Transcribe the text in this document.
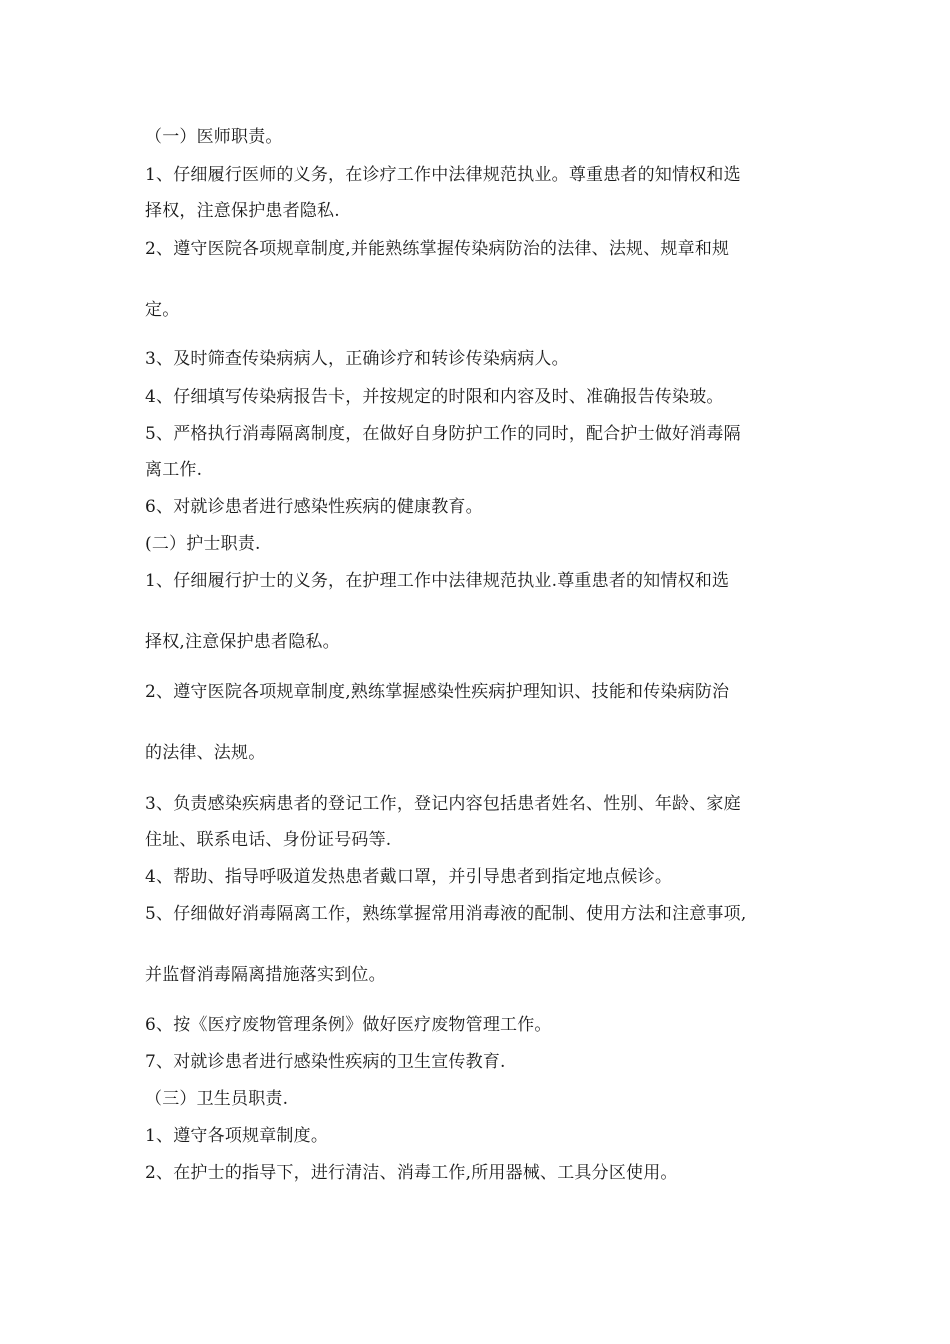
（一）医师职责。
1、仔细履行医师的义务，在诊疗工作中法律规范执业。尊重患者的知情权和选
择权，注意保护患者隐私.
2、遵守医院各项规章制度,并能熟练掌握传染病防治的法律、法规、规章和规
定。
3、及时筛查传染病病人，正确诊疗和转诊传染病病人。
4、仔细填写传染病报告卡，并按规定的时限和内容及时、准确报告传染玻。
5、严格执行消毒隔离制度，在做好自身防护工作的同时，配合护士做好消毒隔
离工作.
6、对就诊患者进行感染性疾病的健康教育。
(二）护士职责.
1、仔细履行护士的义务，在护理工作中法律规范执业.尊重患者的知情权和选
择权,注意保护患者隐私。
2、遵守医院各项规章制度,熟练掌握感染性疾病护理知识、技能和传染病防治
的法律、法规。
3、负责感染疾病患者的登记工作，登记内容包括患者姓名、性别、年龄、家庭
住址、联系电话、身份证号码等.
4、帮助、指导呼吸道发热患者戴口罩，并引导患者到指定地点候诊。
5、仔细做好消毒隔离工作，熟练掌握常用消毒液的配制、使用方法和注意事项,
并监督消毒隔离措施落实到位。
6、按《医疗废物管理条例》做好医疗废物管理工作。
7、对就诊患者进行感染性疾病的卫生宣传教育.
（三）卫生员职责.
1、遵守各项规章制度。
2、在护士的指导下，进行清洁、消毒工作,所用器械、工具分区使用。
